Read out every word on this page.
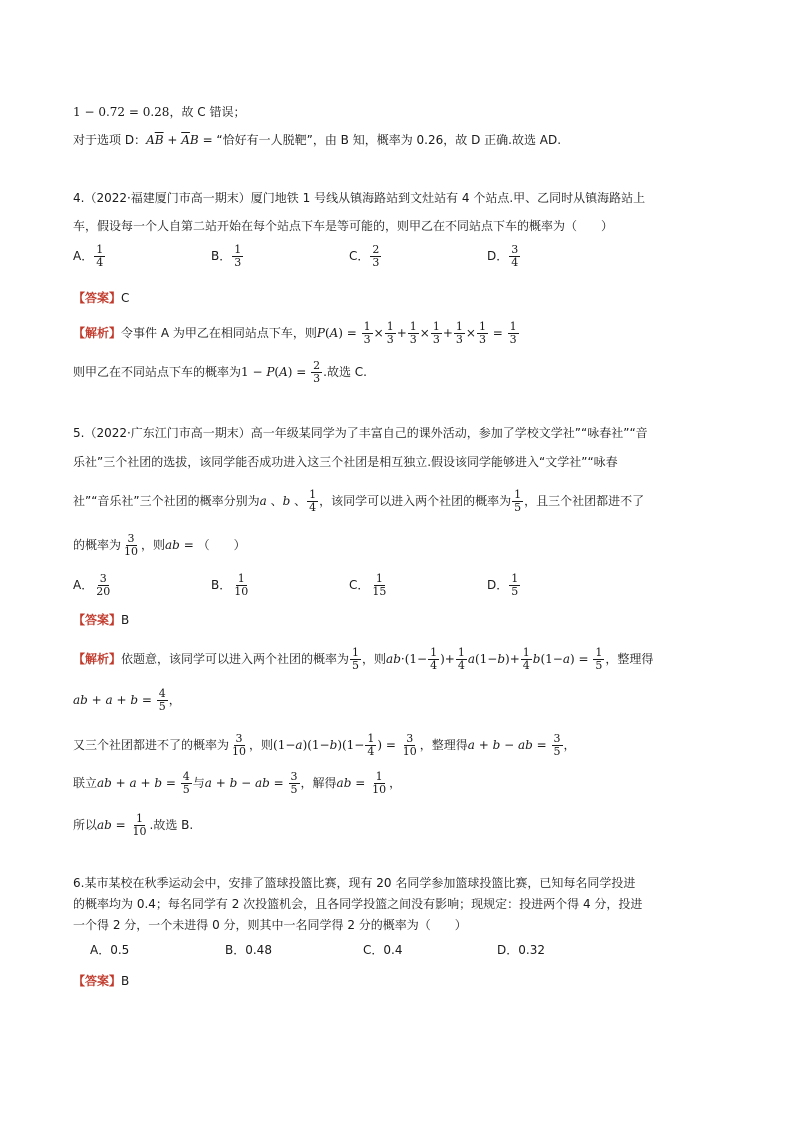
1 − 0.72 = 0.28，故 C 错误；
对于选项 D：$A\overline{B} + \overline{A}B$ = “恰好有一人脱靶”，由 B 知，概率为 0.26，故 D 正确.故选 AD.
4.（2022·福建厦门市高一期末）厦门地铁 1 号线从镇海路站到文灶站有 4 个站点.甲、乙同时从镇海路站上
车，假设每一个人自第二站开始在每个站点下车是等可能的，则甲乙在不同站点下车的概率为（　　）
A． $\frac{1}{4}$	B． $\frac{1}{3}$	C． $\frac{2}{3}$	D． $\frac{3}{4}$
【答案】C
【解析】令事件 A 为甲乙在相同站点下车，则$P(A) = \frac{1}{3} \times \frac{1}{3} + \frac{1}{3} \times \frac{1}{3} + \frac{1}{3} \times \frac{1}{3} = \frac{1}{3}$
则甲乙在不同站点下车的概率为$1 - P(A) = \frac{2}{3}$ .故选 C.
5.（2022·广东江门市高一期末）高一年级某同学为了丰富自己的课外活动，参加了学校文学社”“咏春社”“音
乐社”三个社团的选拔，该同学能否成功进入这三个社团是相互独立.假设该同学能够进入“文学社”“咏春
社”“音乐社”三个社团的概率分别为a 、b 、 $\frac{1}{4}$ ，该同学可以进入两个社团的概率为 $\frac{1}{5}$ ，且三个社团都进不了
的概率为 $\frac{3}{10}$ ，则ab = （　　）
A． $\frac{3}{20}$	B． $\frac{1}{10}$	C． $\frac{1}{15}$	D． $\frac{1}{5}$
【答案】B
【解析】依题意，该同学可以进入两个社团的概率为 $\frac{1}{5}$ ，则$ab\cdot(1- \frac{1}{4}$ )+ $\frac{1}{4} a(1-b)+ \frac{1}{4} b(1-a) = \frac{1}{5}$ ，整理得
ab + $a + b = \frac{4}{5}$ ，
又三个社团都进不了的概率为 $\frac{3}{10}$ ，则$(1-a)(1-b)(1- \frac{1}{4}$ ) = $\frac{3}{10}$ ，整理得a + b − ab = $\frac{3}{5}$ ，
联立ab + $a + b = \frac{4}{5}$ 与a + b − ab = $\frac{3}{5}$ ，解得ab = $\frac{1}{10}$ ，
所以ab = $\frac{1}{10}$ .故选 B.
6.某市某校在秋季运动会中，安排了篮球投篮比赛，现有 20 名同学参加篮球投篮比赛，已知每名同学投进
的概率均为 0.4；每名同学有 2 次投篮机会，且各同学投篮之间没有影响；现规定：投进两个得 4 分，投进
一个得 2 分，一个未进得 0 分，则其中一名同学得 2 分的概率为（　　）
A．0.5	B．0.48	C．0.4	D．0.32
【答案】B
